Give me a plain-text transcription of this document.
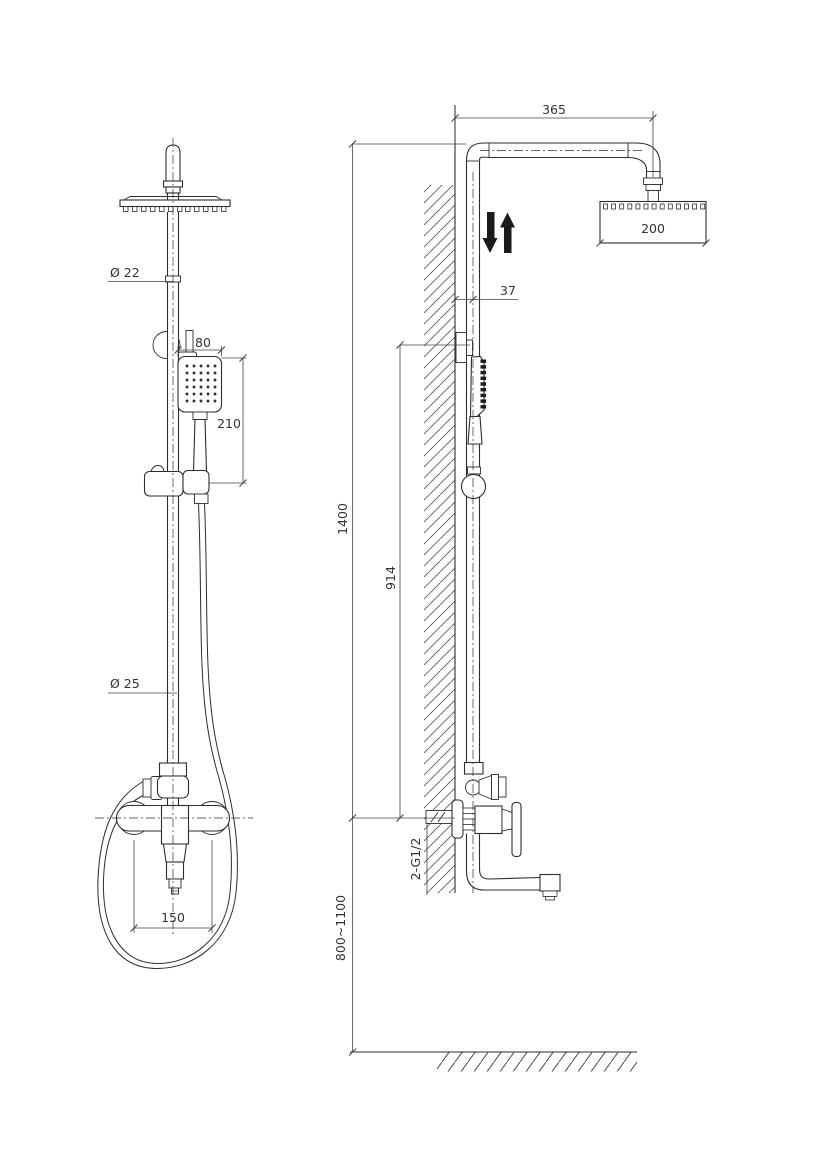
365
200
37
1400
914
800~1100
2-G1/2
Ø 22
Ø 25
80
210
150
